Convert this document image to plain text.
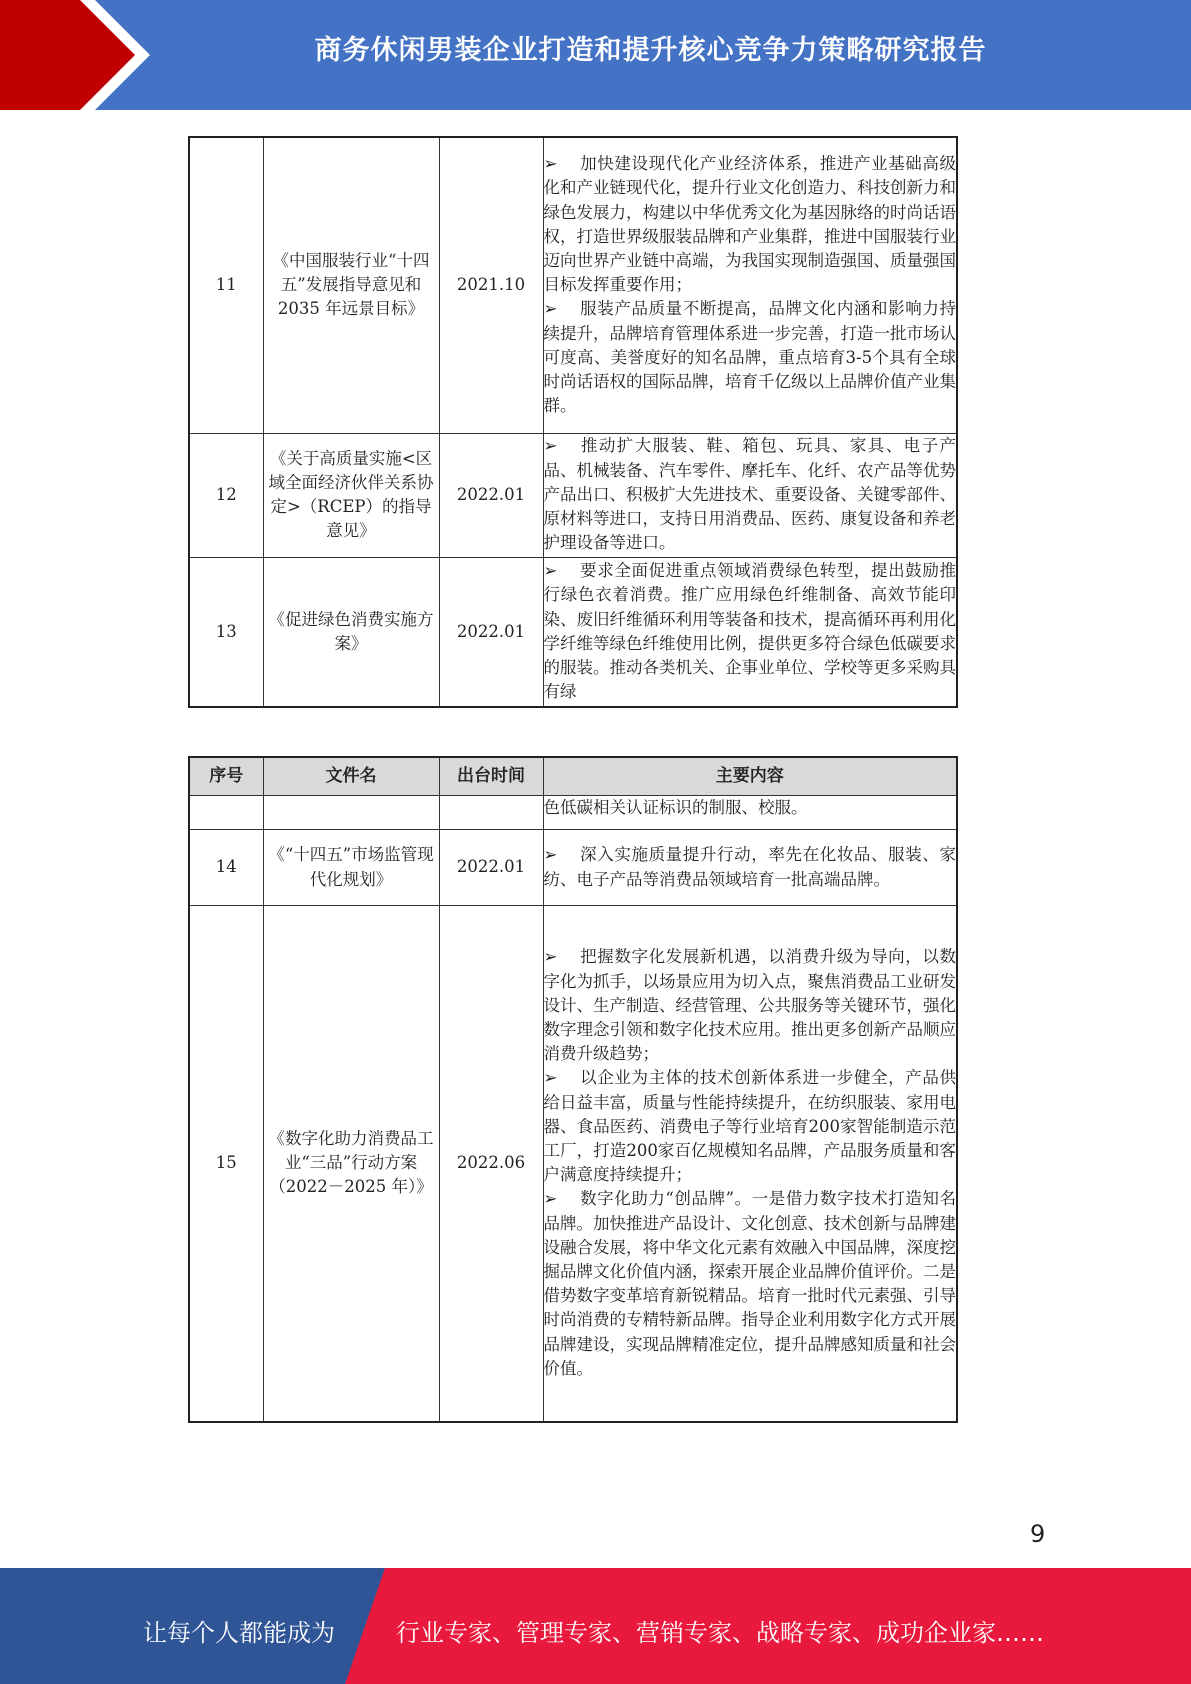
商务休闲男装企业打造和提升核心竞争力策略研究报告
11	《中国服装行业“十四五”发展指导意见和 2035 年远景目标》	2021.10	➢ 加快建设现代化产业经济体系，推进产业基础高级化和产业链现代化，提升行业文化创造力、科技创新力和绿色发展力，构建以中华优秀文化为基因脉络的时尚话语权，打造世界级服装品牌和产业集群，推进中国服装行业迈向世界产业链中高端，为我国实现制造强国、质量强国目标发挥重要作用；
➢ 服装产品质量不断提高，品牌文化内涵和影响力持续提升，品牌培育管理体系进一步完善，打造一批市场认可度高、美誉度好的知名品牌，重点培育3-5个具有全球时尚话语权的国际品牌，培育千亿级以上品牌价值产业集群。

12	《关于高质量实施<区域全面经济伙伴关系协定>（RCEP）的指导意见》	2022.01	➢ 推动扩大服装、鞋、箱包、玩具、家具、电子产品、机械装备、汽车零件、摩托车、化纤、农产品等优势产品出口、积极扩大先进技术、重要设备、关键零部件、原材料等进口，支持日用消费品、医药、康复设备和养老护理设备等进口。

13	《促进绿色消费实施方案》	2022.01	➢ 要求全面促进重点领域消费绿色转型，提出鼓励推行绿色衣着消费。推广应用绿色纤维制备、高效节能印染、废旧纤维循环利用等装备和技术，提高循环再利用化学纤维等绿色纤维使用比例，提供更多符合绿色低碳要求的服装。推动各类机关、企事业单位、学校等更多采购具有绿
序号	文件名	出台时间	主要内容
			色低碳相关认证标识的制服、校服。
14	《“十四五”市场监管现代化规划》	2022.01	➢ 深入实施质量提升行动，率先在化妆品、服装、家纺、电子产品等消费品领域培育一批高端品牌。

15	《数字化助力消费品工业“三品”行动方案（2022－2025 年）》	2022.06	➢ 把握数字化发展新机遇，以消费升级为导向，以数字化为抓手，以场景应用为切入点，聚焦消费品工业研发设计、生产制造、经营管理、公共服务等关键环节，强化数字理念引领和数字化技术应用。推出更多创新产品顺应消费升级趋势；
➢ 以企业为主体的技术创新体系进一步健全，产品供给日益丰富，质量与性能持续提升，在纺织服装、家用电器、食品医药、消费电子等行业培育200家智能制造示范工厂，打造200家百亿规模知名品牌，产品服务质量和客户满意度持续提升；
➢ 数字化助力“创品牌”。一是借力数字技术打造知名品牌。加快推进产品设计、文化创意、技术创新与品牌建设融合发展，将中华文化元素有效融入中国品牌，深度挖掘品牌文化价值内涵，探索开展企业品牌价值评价。二是借势数字变革培育新锐精品。培育一批时代元素强、引导时尚消费的专精特新品牌。指导企业利用数字化方式开展品牌建设，实现品牌精准定位，提升品牌感知质量和社会价值。
9
让每个人都能成为	行业专家、管理专家、营销专家、战略专家、成功企业家……
